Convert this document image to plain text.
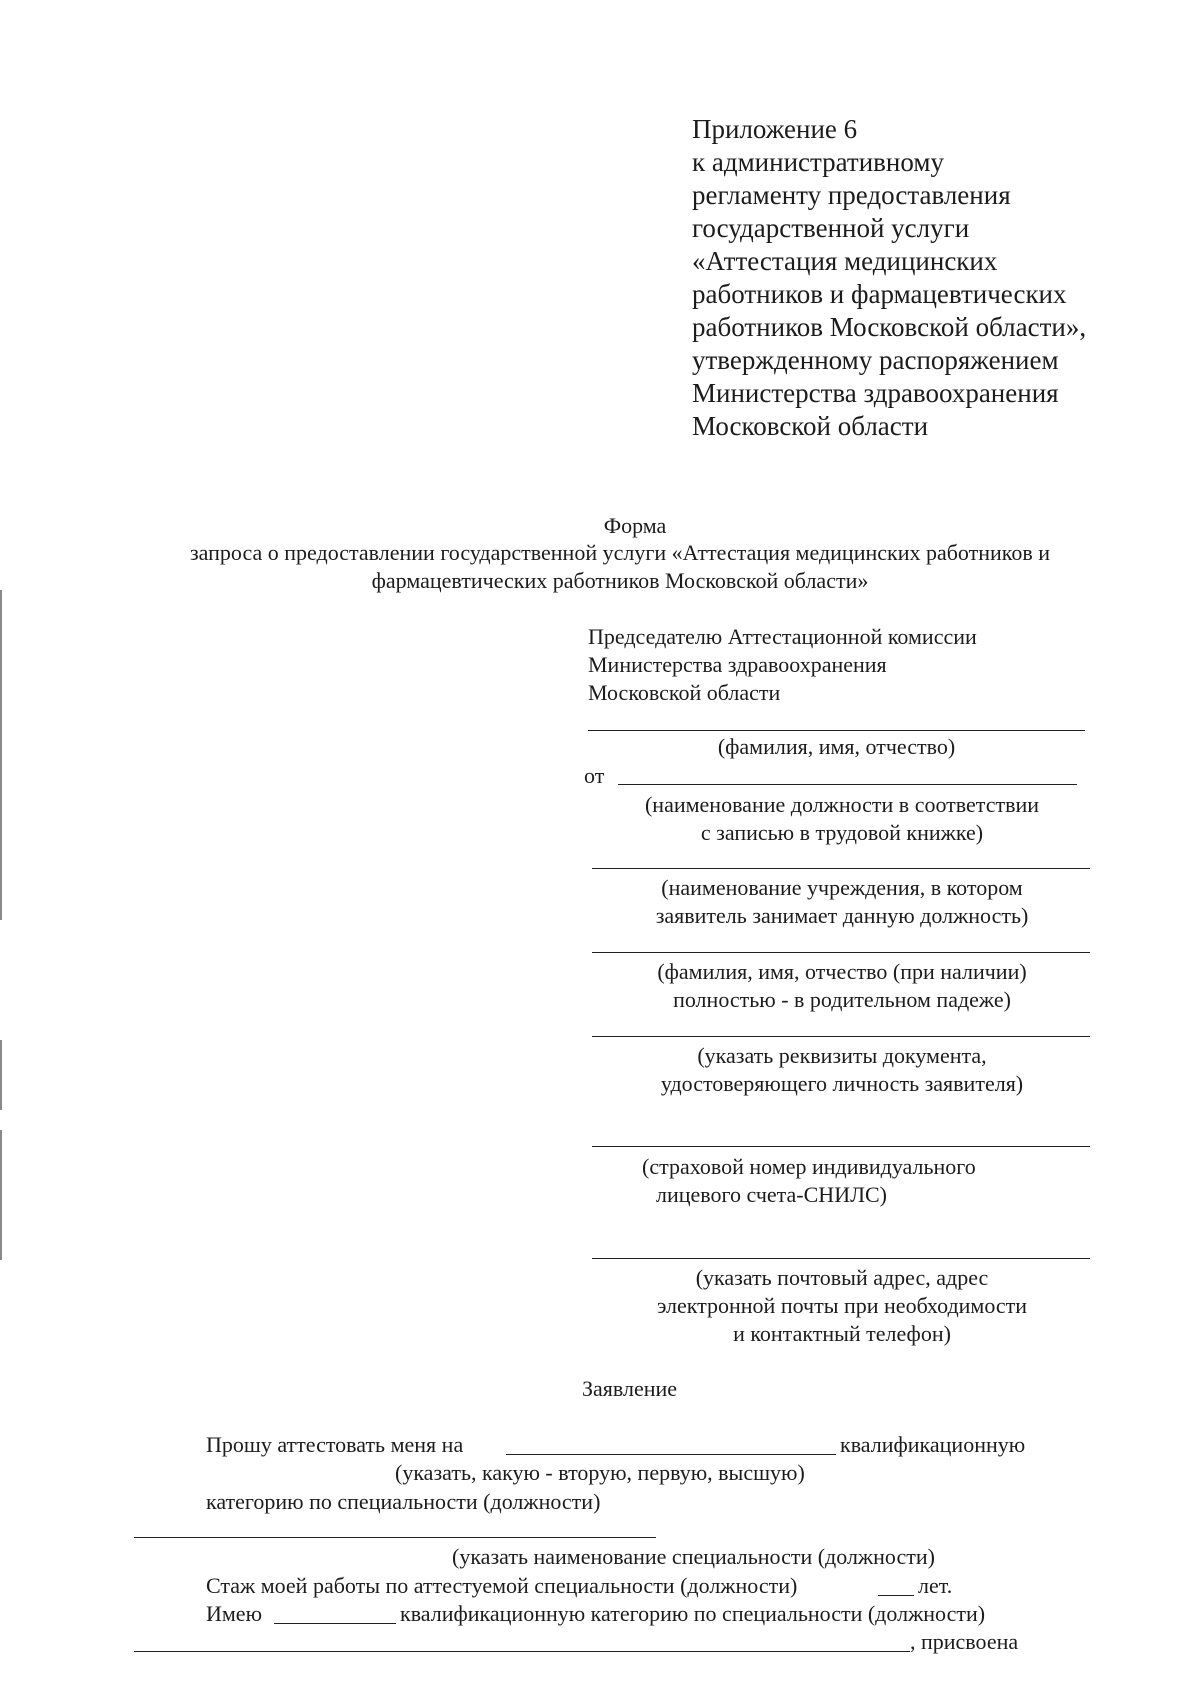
Приложение 6
к административному
регламенту предоставления
государственной услуги
«Аттестация медицинских
работников и фармацевтических
работников Московской области»,
утвержденному распоряжением
Министерства здравоохранения
Московской области
Форма
запроса о предоставлении государственной услуги «Аттестация медицинских работников и
фармацевтических работников Московской области»
Председателю Аттестационной комиссии
Министерства здравоохранения
Московской области
(фамилия, имя, отчество)
от
(наименование должности в соответствии
с записью в трудовой книжке)
(наименование учреждения, в котором
заявитель занимает данную должность)
(фамилия, имя, отчество (при наличии)
полностью - в родительном падеже)
(указать реквизиты документа,
удостоверяющего личность заявителя)
(страховой номер индивидуального
лицевого счета-СНИЛС)
(указать почтовый адрес, адрес
электронной почты при необходимости
и контактный телефон)
Заявление
Прошу аттестовать меня на	квалификационную
(указать, какую - вторую, первую, высшую)
категорию по специальности (должности)
(указать наименование специальности (должности)
Стаж моей работы по аттестуемой специальности (должности)	лет.
Имею	квалификационную категорию по специальности (должности)
, присвоена
